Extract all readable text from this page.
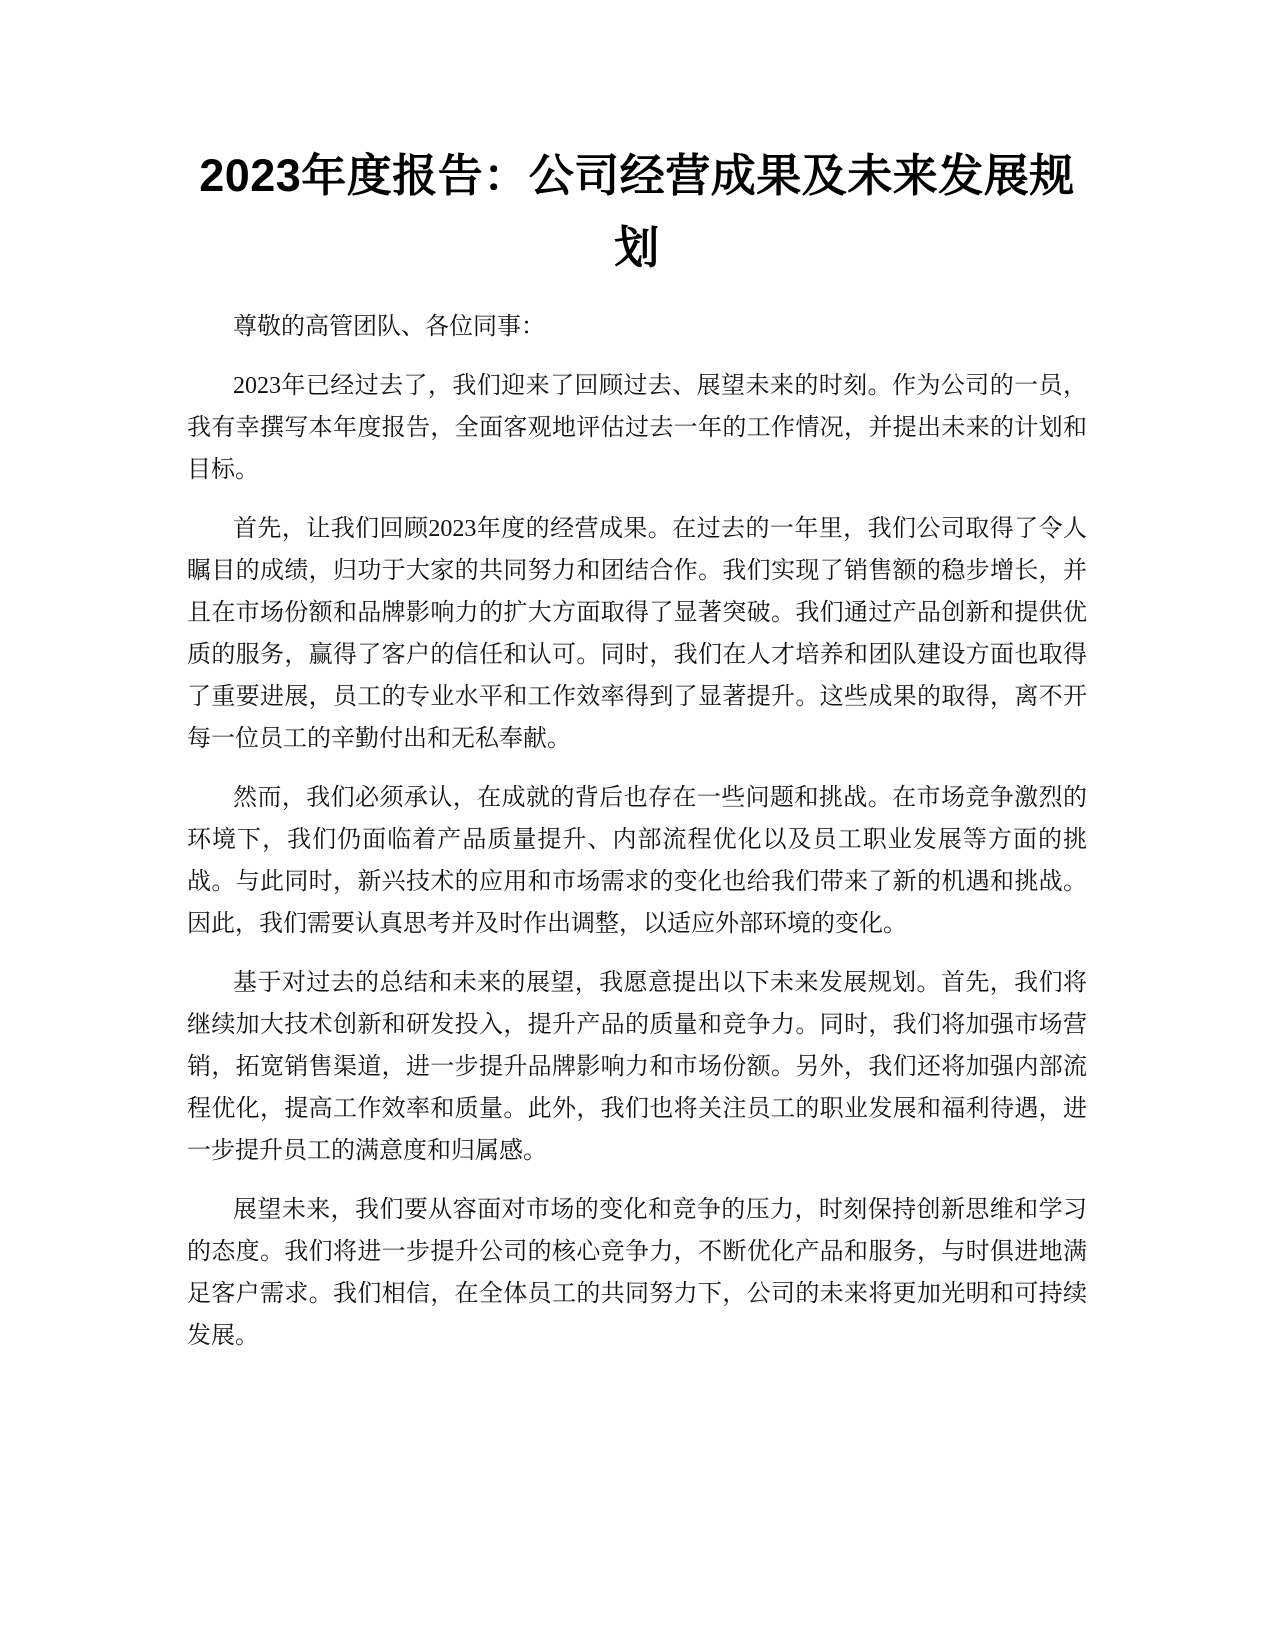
2023年度报告：公司经营成果及未来发展规划

尊敬的高管团队、各位同事：

2023年已经过去了，我们迎来了回顾过去、展望未来的时刻。作为公司的一员，我有幸撰写本年度报告，全面客观地评估过去一年的工作情况，并提出未来的计划和目标。

首先，让我们回顾2023年度的经营成果。在过去的一年里，我们公司取得了令人瞩目的成绩，归功于大家的共同努力和团结合作。我们实现了销售额的稳步增长，并且在市场份额和品牌影响力的扩大方面取得了显著突破。我们通过产品创新和提供优质的服务，赢得了客户的信任和认可。同时，我们在人才培养和团队建设方面也取得了重要进展，员工的专业水平和工作效率得到了显著提升。这些成果的取得，离不开每一位员工的辛勤付出和无私奉献。

然而，我们必须承认，在成就的背后也存在一些问题和挑战。在市场竞争激烈的环境下，我们仍面临着产品质量提升、内部流程优化以及员工职业发展等方面的挑战。与此同时，新兴技术的应用和市场需求的变化也给我们带来了新的机遇和挑战。因此，我们需要认真思考并及时作出调整，以适应外部环境的变化。

基于对过去的总结和未来的展望，我愿意提出以下未来发展规划。首先，我们将继续加大技术创新和研发投入，提升产品的质量和竞争力。同时，我们将加强市场营销，拓宽销售渠道，进一步提升品牌影响力和市场份额。另外，我们还将加强内部流程优化，提高工作效率和质量。此外，我们也将关注员工的职业发展和福利待遇，进一步提升员工的满意度和归属感。

展望未来，我们要从容面对市场的变化和竞争的压力，时刻保持创新思维和学习的态度。我们将进一步提升公司的核心竞争力，不断优化产品和服务，与时俱进地满足客户需求。我们相信，在全体员工的共同努力下，公司的未来将更加光明和可持续发展。
